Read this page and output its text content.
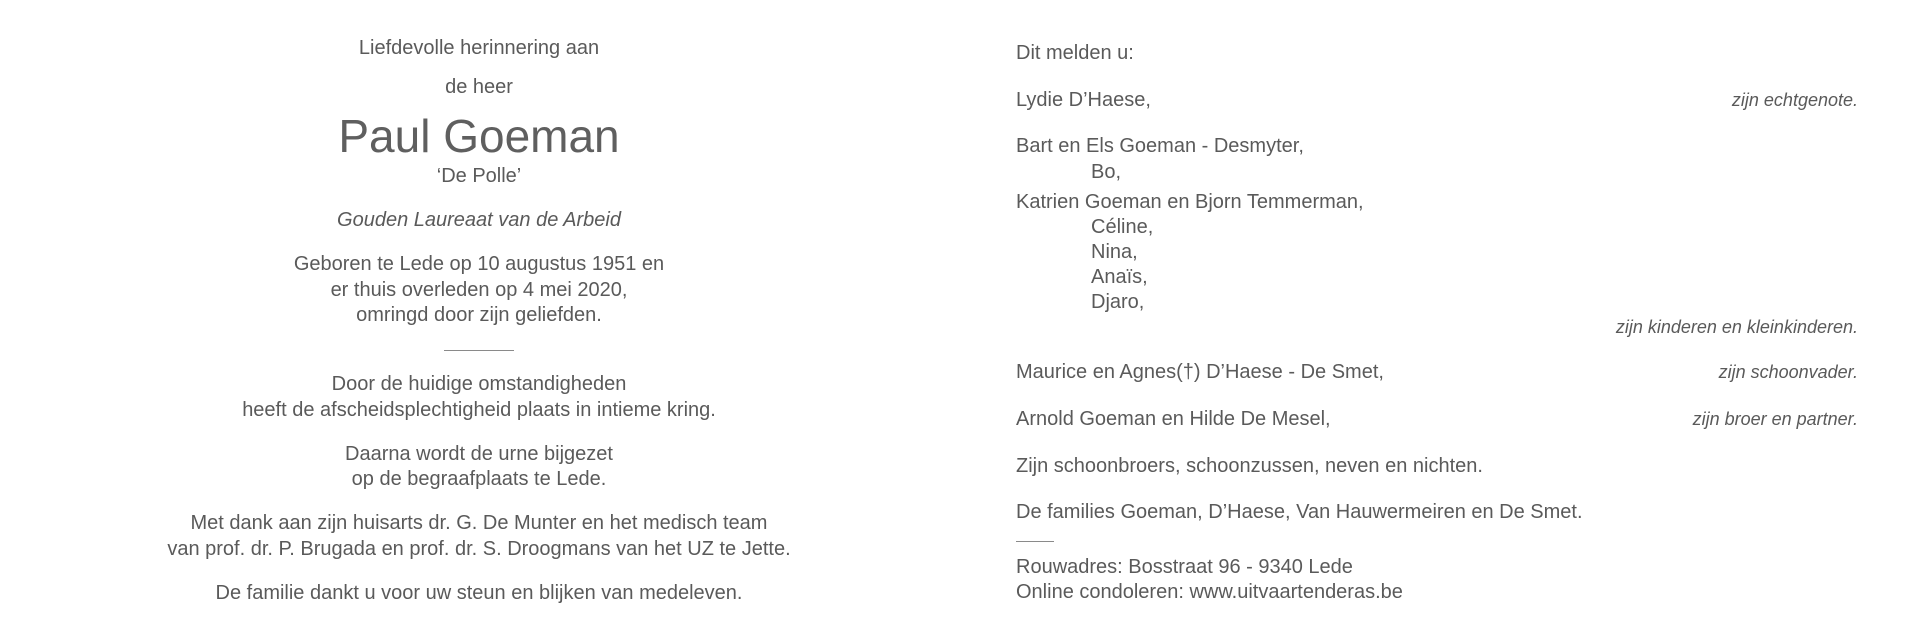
Liefdevolle herinnering aan
de heer
Paul Goeman
‘De Polle’
Gouden Laureaat van de Arbeid
Geboren te Lede op 10 augustus 1951 en
er thuis overleden op 4 mei 2020,
omringd door zijn geliefden.
Door de huidige omstandigheden
heeft de afscheidsplechtigheid plaats in intieme kring.
Daarna wordt de urne bijgezet
op de begraafplaats te Lede.
Met dank aan zijn huisarts dr. G. De Munter en het medisch team
van prof. dr. P. Brugada en prof. dr. S. Droogmans van het UZ te Jette.
De familie dankt u voor uw steun en blijken van medeleven.
Dit melden u:
Lydie D’Haese,	zijn echtgenote.
Bart en Els Goeman - Desmyter,
Bo,
Katrien Goeman en Bjorn Temmerman,
Céline,
Nina,
Anaïs,
Djaro,
zijn kinderen en kleinkinderen.
Maurice en Agnes(†) D’Haese - De Smet,	zijn schoonvader.
Arnold Goeman en Hilde De Mesel,	zijn broer en partner.
Zijn schoonbroers, schoonzussen, neven en nichten.
De families Goeman, D’Haese, Van Hauwermeiren en De Smet.
Rouwadres: Bosstraat 96 - 9340 Lede
Online condoleren: www.uitvaartenderas.be
